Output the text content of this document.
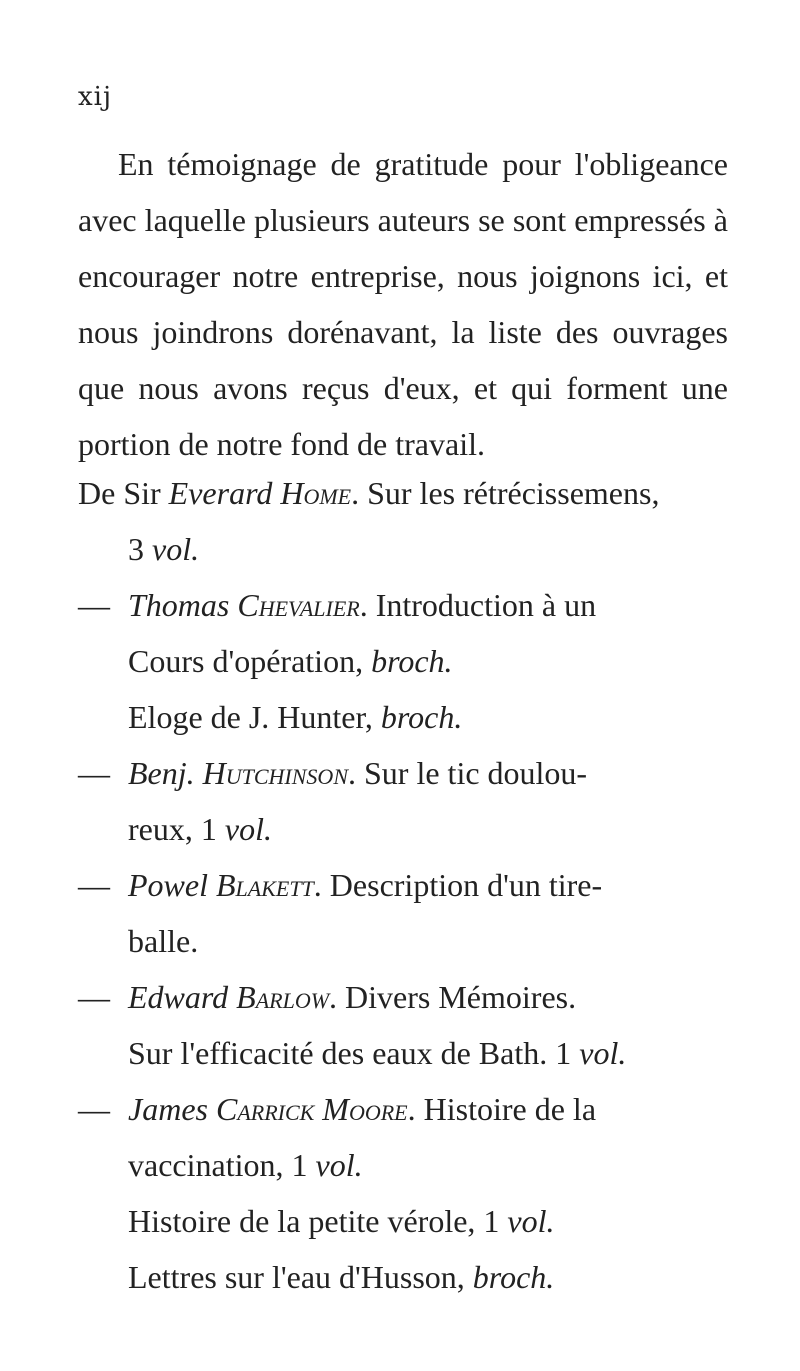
xij

En témoignage de gratitude pour l'obligeance avec laquelle plusieurs auteurs se sont empressés à encourager notre entreprise, nous joignons ici, et nous joindrons dorénavant, la liste des ouvrages que nous avons reçus d'eux, et qui forment une portion de notre fond de travail.

De Sir Everard Home. Sur les rétrécissemens,
3 vol.

— Thomas Chevalier. Introduction à un
Cours d'opération, broch.
Eloge de J. Hunter, broch.

— Benj. Hutchinson. Sur le tic doulou-
reux, 1 vol.

— Powel Blakett. Description d'un tire-
balle.

— Edward Barlow. Divers Mémoires.
Sur l'efficacité des eaux de Bath. 1 vol.

— James Carrick Moore. Histoire de la
vaccination, 1 vol.
Histoire de la petite vérole, 1 vol.
Lettres sur l'eau d'Husson, broch.
